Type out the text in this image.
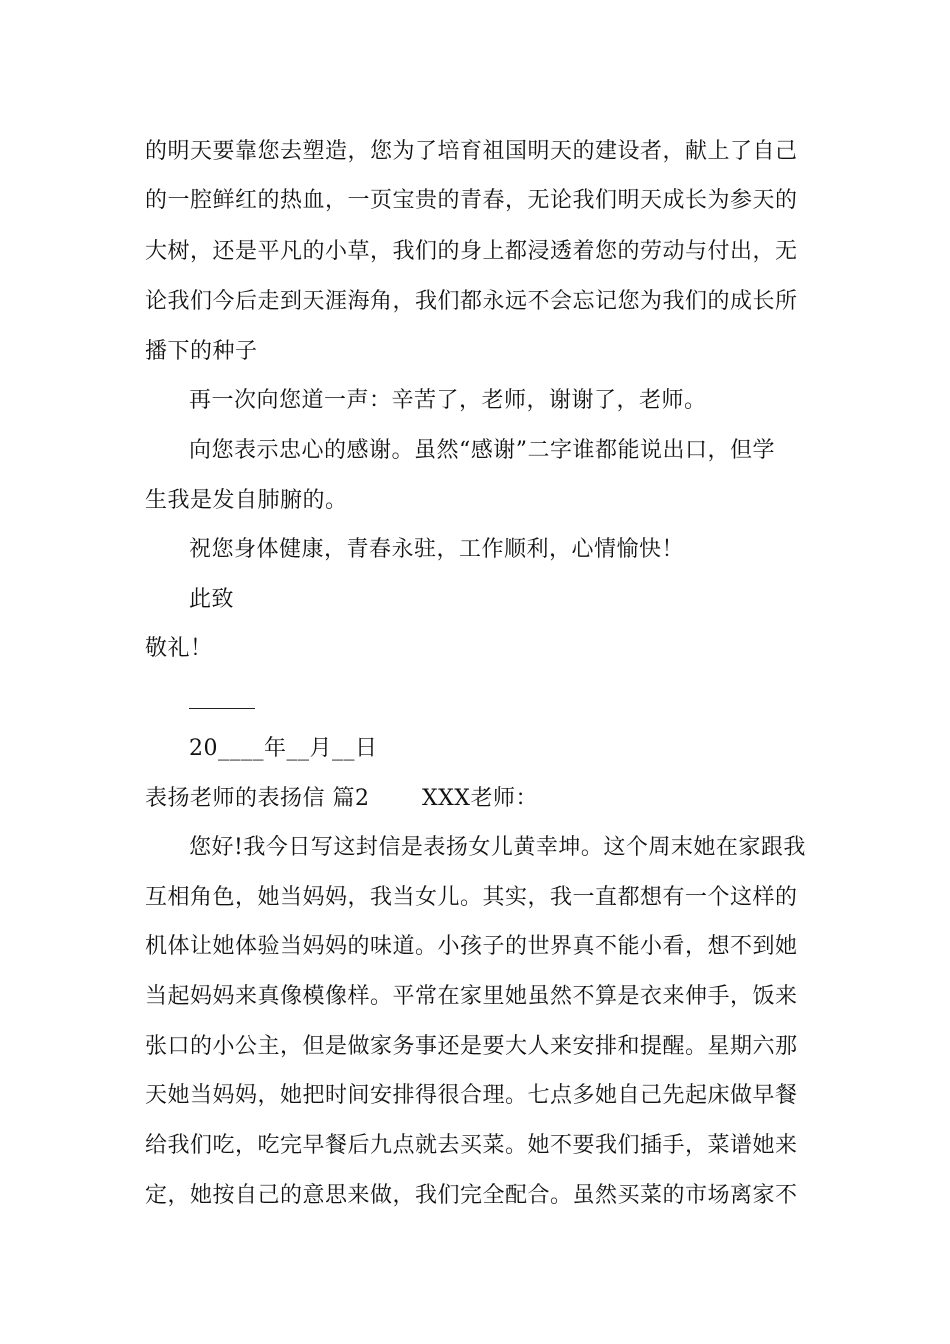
的明天要靠您去塑造，您为了培育祖国明天的建设者，献上了自己
的一腔鲜红的热血，一页宝贵的青春，无论我们明天成长为参天的
大树，还是平凡的小草，我们的身上都浸透着您的劳动与付出，无
论我们今后走到天涯海角，我们都永远不会忘记您为我们的成长所
播下的种子
再一次向您道一声：辛苦了，老师，谢谢了，老师。
向您表示忠心的感谢。虽然“感谢”二字谁都能说出口，但学
生我是发自肺腑的。
祝您身体健康，青春永驻，工作顺利，心情愉快！
此致
敬礼！
20____年__月__日
表扬老师的表扬信 篇2　　 XXX老师：
您好!我今日写这封信是表扬女儿黄幸坤。这个周末她在家跟我
互相角色，她当妈妈，我当女儿。其实，我一直都想有一个这样的
机体让她体验当妈妈的味道。小孩子的世界真不能小看，想不到她
当起妈妈来真像模像样。平常在家里她虽然不算是衣来伸手，饭来
张口的小公主，但是做家务事还是要大人来安排和提醒。星期六那
天她当妈妈，她把时间安排得很合理。七点多她自己先起床做早餐
给我们吃，吃完早餐后九点就去买菜。她不要我们插手，菜谱她来
定，她按自己的意思来做，我们完全配合。虽然买菜的市场离家不
